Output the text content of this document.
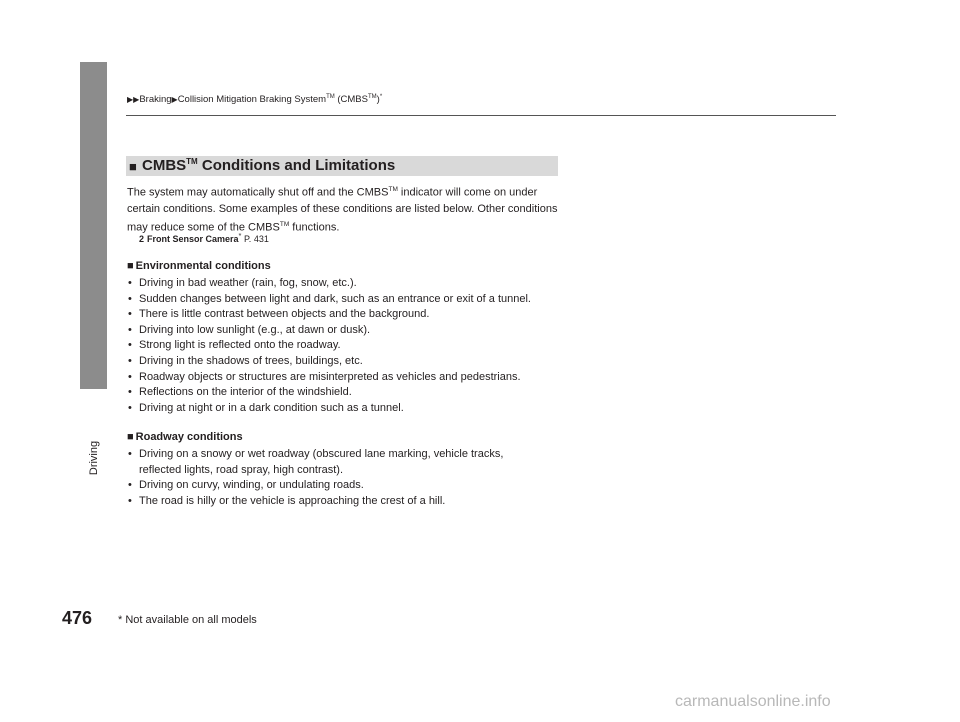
Driving
476
▶▶Braking▶Collision Mitigation Braking System™ (CMBS™)*
■ CMBS™ Conditions and Limitations
The system may automatically shut off and the CMBS™ indicator will come on under certain conditions. Some examples of these conditions are listed below. Other conditions may reduce some of the CMBS™ functions.
2 Front Sensor Camera* P. 431
■ Environmental conditions
• Driving in bad weather (rain, fog, snow, etc.).
• Sudden changes between light and dark, such as an entrance or exit of a tunnel.
• There is little contrast between objects and the background.
• Driving into low sunlight (e.g., at dawn or dusk).
• Strong light is reflected onto the roadway.
• Driving in the shadows of trees, buildings, etc.
• Roadway objects or structures are misinterpreted as vehicles and pedestrians.
• Reflections on the interior of the windshield.
• Driving at night or in a dark condition such as a tunnel.
■ Roadway conditions
• Driving on a snowy or wet roadway (obscured lane marking, vehicle tracks, reflected lights, road spray, high contrast).
• Driving on curvy, winding, or undulating roads.
• The road is hilly or the vehicle is approaching the crest of a hill.
* Not available on all models
carmanualsonline.info
